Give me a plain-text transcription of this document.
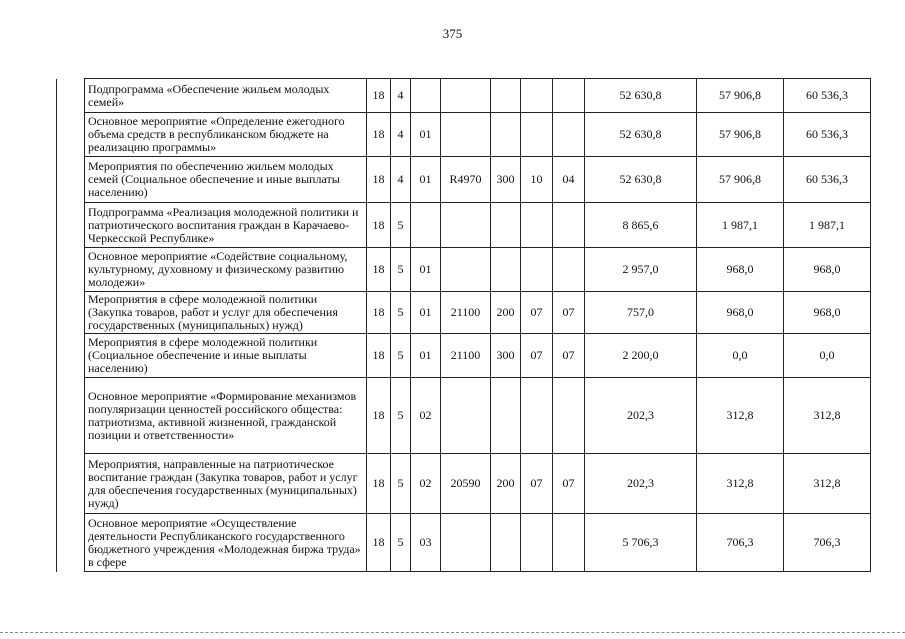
375
	Подпрограмма «Обеспечение жильем молодых семей»	18	4						52 630,8	57 906,8	60 536,3
	Основное мероприятие «Определение ежегодного объема средств в республиканском бюджете на реализацию программы»	18	4	01					52 630,8	57 906,8	60 536,3
	Мероприятия по обеспечению жильем молодых семей (Социальное обеспечение и иные выплаты населению)	18	4	01	R4970	300	10	04	52 630,8	57 906,8	60 536,3
	Подпрограмма «Реализация молодежной политики и патриотического воспитания граждан в Карачаево-Черкесской Республике»	18	5						8 865,6	1 987,1	1 987,1
	Основное мероприятие «Содействие социальному, культурному, духовному и физическому развитию молодежи»	18	5	01					2 957,0	968,0	968,0
	Мероприятия в сфере молодежной политики (Закупка товаров, работ и услуг для обеспечения государственных (муниципальных) нужд)	18	5	01	21100	200	07	07	757,0	968,0	968,0
	Мероприятия в сфере молодежной политики (Социальное обеспечение и иные выплаты населению)	18	5	01	21100	300	07	07	2 200,0	0,0	0,0
	Основное мероприятие «Формирование механизмов популяризации ценностей российского общества: патриотизма, активной жизненной, гражданской позиции и ответственности»	18	5	02					202,3	312,8	312,8
	Мероприятия, направленные на патриотическое воспитание граждан (Закупка товаров, работ и услуг для обеспечения государственных (муниципальных) нужд)	18	5	02	20590	200	07	07	202,3	312,8	312,8
	Основное мероприятие «Осуществление деятельности Республиканского государственного бюджетного учреждения «Молодежная биржа труда» в сфере	18	5	03					5 706,3	706,3	706,3
